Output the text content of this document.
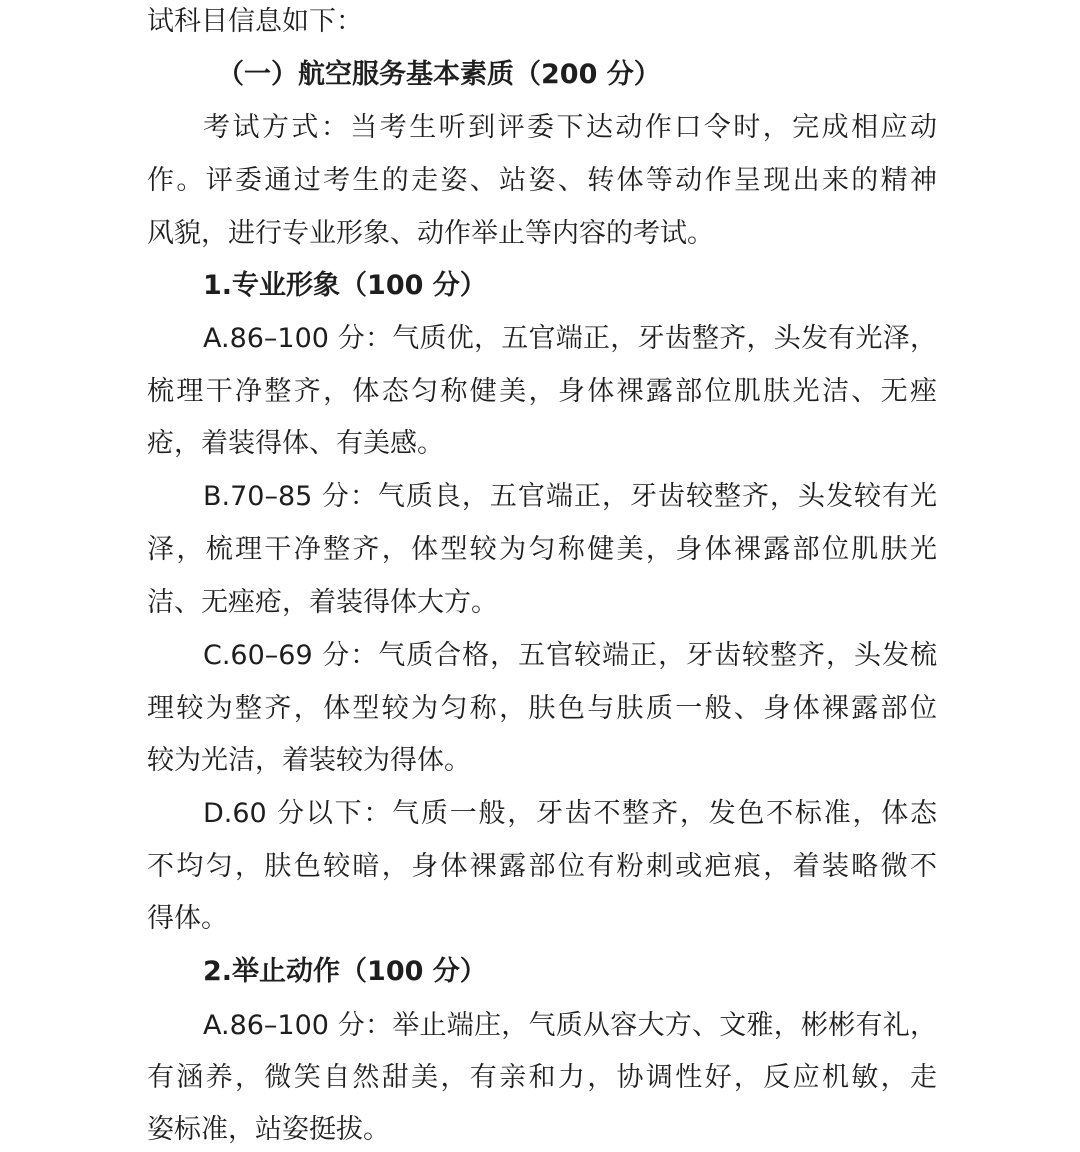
试科目信息如下：
（一）航空服务基本素质（200 分）
考试方式：当考生听到评委下达动作口令时，完成相应动
作。评委通过考生的走姿、站姿、转体等动作呈现出来的精神
风貌，进行专业形象、动作举止等内容的考试。
1.专业形象（100 分）
A.86–100 分：气质优，五官端正，牙齿整齐，头发有光泽，
梳理干净整齐，体态匀称健美，身体裸露部位肌肤光洁、无痤
疮，着装得体、有美感。
B.70–85 分：气质良，五官端正，牙齿较整齐，头发较有光
泽，梳理干净整齐，体型较为匀称健美，身体裸露部位肌肤光
洁、无痤疮，着装得体大方。
C.60–69 分：气质合格，五官较端正，牙齿较整齐，头发梳
理较为整齐，体型较为匀称，肤色与肤质一般、身体裸露部位
较为光洁，着装较为得体。
D.60 分以下：气质一般，牙齿不整齐，发色不标准，体态
不均匀，肤色较暗，身体裸露部位有粉刺或疤痕，着装略微不
得体。
2.举止动作（100 分）
A.86–100 分：举止端庄，气质从容大方、文雅，彬彬有礼，
有涵养，微笑自然甜美，有亲和力，协调性好，反应机敏，走
姿标准，站姿挺拔。
